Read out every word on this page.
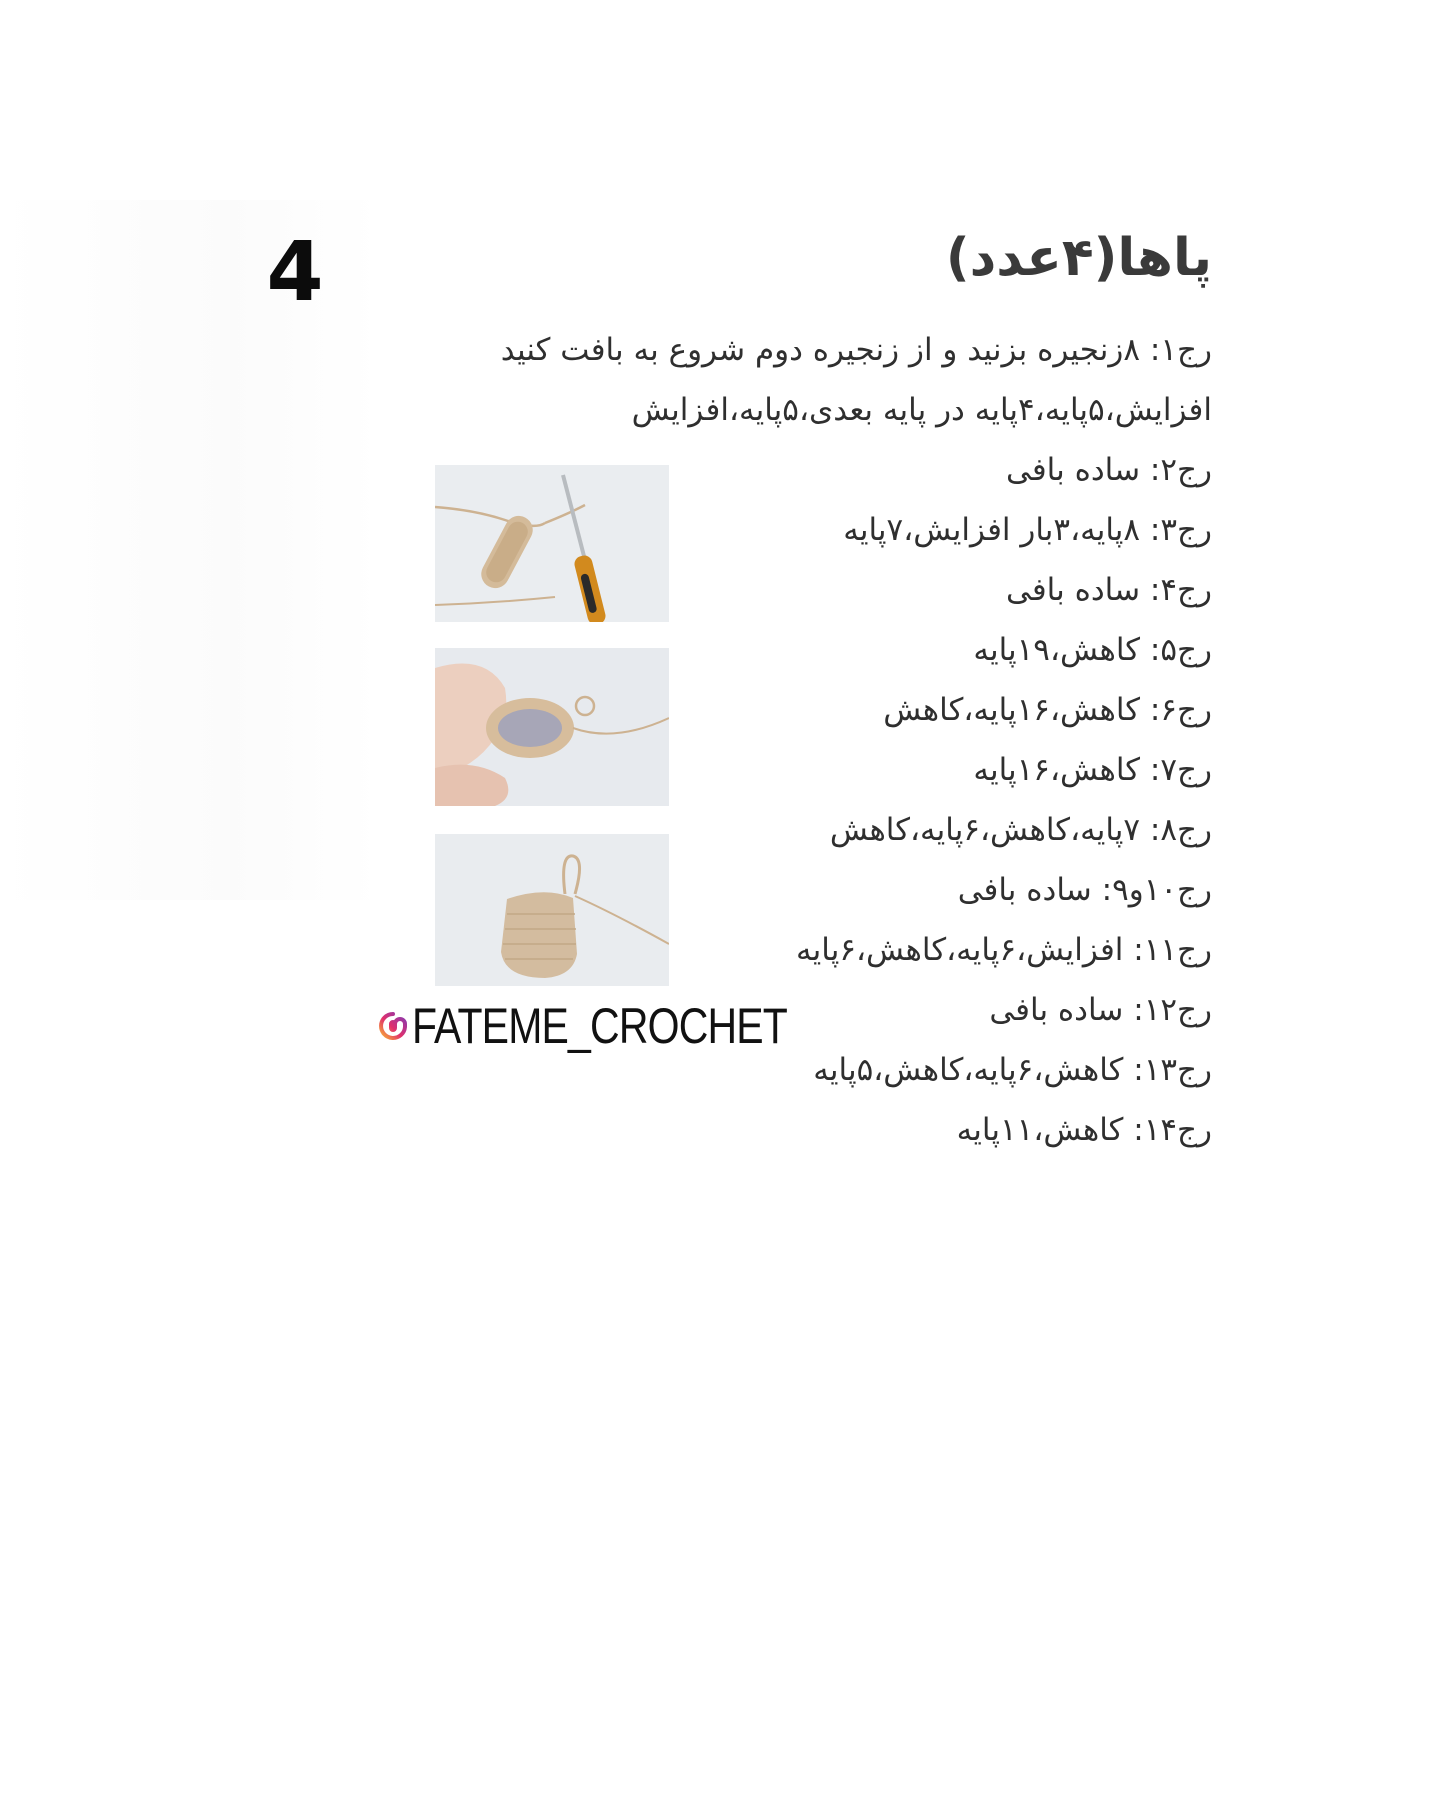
4	پاها(۴عدد)
رج۱: ۸زنجیره بزنید و از زنجیره دوم شروع به بافت کنید
افزایش،۵پایه،۴پایه در پایه بعدی،۵پایه،افزایش
رج۲: ساده بافی
رج۳: ۸پایه،۳بار افزایش،۷پایه
رج۴: ساده بافی
رج۵: کاهش،۱۹پایه
رج۶: کاهش،۱۶پایه،کاهش
رج۷: کاهش،۱۶پایه
رج۸: ۷پایه،کاهش،۶پایه،کاهش
رج۱۰و۹: ساده بافی
رج۱۱: افزایش،۶پایه،کاهش،۶پایه
رج۱۲: ساده بافی
رج۱۳: کاهش،۶پایه،کاهش،۵پایه
رج۱۴: کاهش،۱۱پایه
FATEME_CROCHET
